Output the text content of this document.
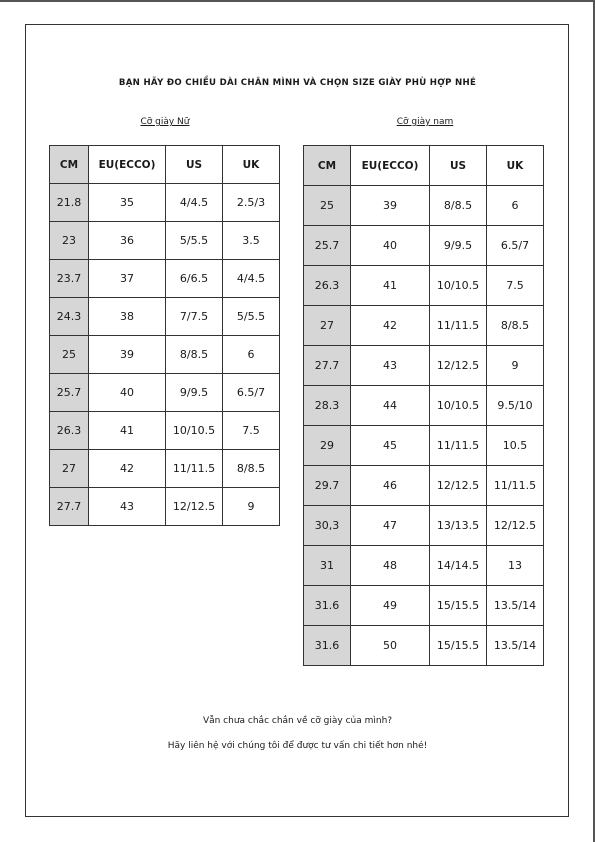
BẠN HÃY ĐO CHIỀU DÀI CHÂN MÌNH VÀ CHỌN SIZE GIÀY PHÙ HỢP NHÉ
Cỡ giày Nữ	Cỡ giày nam
CM	EU(ECCO)	US	UK
21.8	35	4/4.5	2.5/3
23	36	5/5.5	3.5
23.7	37	6/6.5	4/4.5
24.3	38	7/7.5	5/5.5
25	39	8/8.5	6
25.7	40	9/9.5	6.5/7
26.3	41	10/10.5	7.5
27	42	11/11.5	8/8.5
27.7	43	12/12.5	9
CM	EU(ECCO)	US	UK
25	39	8/8.5	6
25.7	40	9/9.5	6.5/7
26.3	41	10/10.5	7.5
27	42	11/11.5	8/8.5
27.7	43	12/12.5	9
28.3	44	10/10.5	9.5/10
29	45	11/11.5	10.5
29.7	46	12/12.5	11/11.5
30,3	47	13/13.5	12/12.5
31	48	14/14.5	13
31.6	49	15/15.5	13.5/14
31.6	50	15/15.5	13.5/14
Vẫn chưa chắc chắn về cỡ giày của mình?
Hãy liên hệ với chúng tôi để được tư vấn chi tiết hơn nhé!
